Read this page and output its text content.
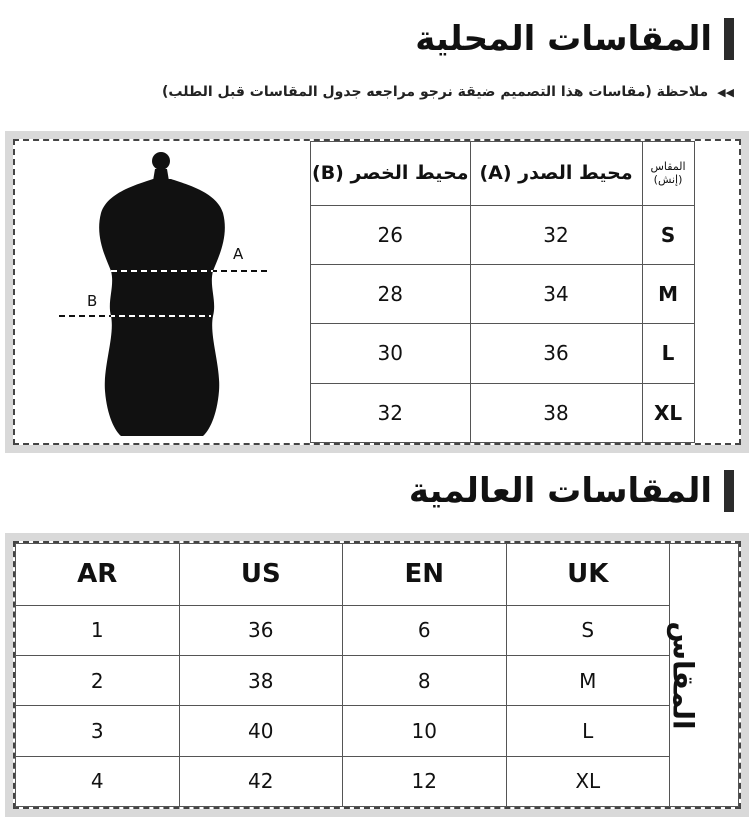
المقاسات المحلية
◀◀ ملاحظة (مقاسات هذا التصميم ضيقة نرجو مراجعه جدول المقاسات قبل الطلب)
A
B
المقاس
(إنش)	محيط الصدر (A)	محيط الخصر (B)
S	32	26
M	34	28
L	36	30
XL	38	32
المقاسات العالمية
المقاس	UK	EN	US	AR
	S	6	36	1
	M	8	38	2
	L	10	40	3
	XL	12	42	4
